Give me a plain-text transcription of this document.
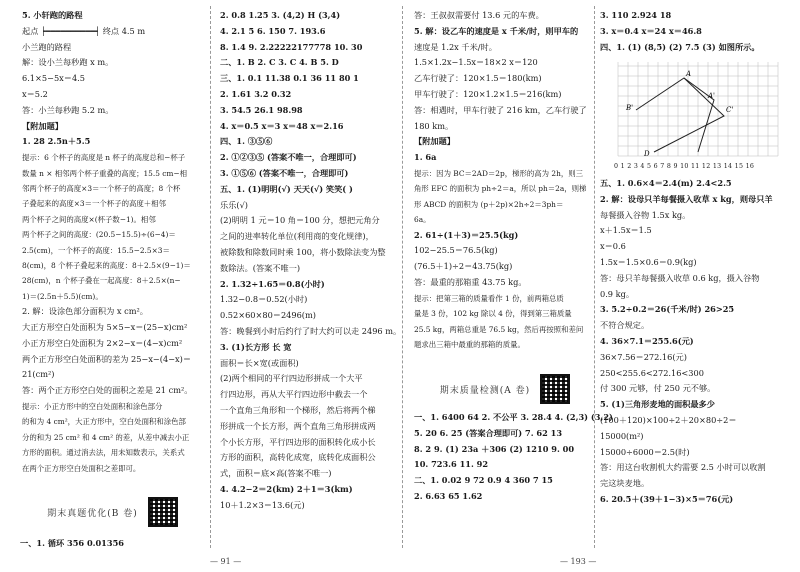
5. 小轩跑的路程
起点 ┝━━━━━━━━━━┥ 终点 4.5 m
小兰跑的路程
解：设小兰每秒跑 x m。
6.1×5−5x＝4.5
x＝5.2
答：小兰每秒跑 5.2 m。
【附加题】
1. 28 2.5n＋5.5
提示：6 个杯子的高度是 n 杯子的高度总和−杯子
数量 n × 相邻两个杯子重叠的高度；15.5 cm−相
邻两个杯子的高度×3＝一个杯子的高度；8 个杯
子叠起来的高度×3＝一个杯子的高度＋相邻
两个杯子之间的高度×(杯子数−1)。相邻
两个杯子之间的高度：(20.5−15.5)÷(6−4)＝
2.5(cm)，一个杯子的高度：15.5−2.5×3＝
8(cm)，8 个杯子叠起来的高度：8＋2.5×(9−1)＝
28(cm)，n 个杯子叠在一起高度：8＋2.5×(n−
1)＝(2.5n＋5.5)(cm)。
2. 解：设涂色部分面积为 x cm²。
大正方形空白处面积为 5×5−x＝(25−x)cm²
小正方形空白处面积为 2×2−x＝(4−x)cm²
两个正方形空白处面积的差为 25−x−(4−x)＝
21(cm²)
答：两个正方形空白处的面积之差是 21 cm²。
提示：小正方形中的空白处面积和涂色部分
的和为 4 cm²，大正方形中，空白处面积和涂色部
分的和为 25 cm² 和 4 cm² 的差，从差中减去小正
方形的面积。通过消去法，用未知数表示，关系式
在两个正方形空白处面积之差即可。
期末真题优化(B 卷)
一、1. 循环 356 0.01356
2. 0.8 1.25 3. (4,2) H (3,4)
4. 2.1 5 6. 150 7. 193.6
8. 1.4 9. 2.22222177778 10. 30
二、1. B 2. C 3. C 4. B 5. D
三、1. 0.1 11.38 0.1 36 11 80 1
2. 1.61 3.2 0.32
3. 54.5 26.1 98.98
4. x＝0.5 x＝3 x＝48 x＝2.16
四、1. ③⑤⑥
2. ①②③⑤ (答案不唯一，合理即可)
3. ①⑤⑥ (答案不唯一，合理即可)
五、1. (1)明明(√) 天天(√) 笑笑( )
乐乐(√)
(2)明明 1 元＝10 角＝100 分，想把元角分
之间的进率转化单位(利用商的变化规律)，
被除数和除数同时乘 100，将小数除法变为整
数除法。(答案不唯一)
2. 1.32÷1.65＝0.8(小时)
1.32−0.8＝0.52(小时)
0.52×60×80＝2496(m)
答：晚餐到小时后约行了时大约可以走 2496 m。
3. (1)长方形 长 宽
面积＝长×宽(或面积)
(2)两个相同的平行四边形拼成一个大平
行四边形，再从大平行四边形中截去一个
一个直角三角形和一个梯形，然后将两个梯
形拼成一个长方形，两个直角三角形拼成两
个小长方形，平行四边形的面积转化成小长
方形的面积，高转化成宽，底转化成面积公
式，面积＝底×高(答案不唯一)
4. 4.2−2＝2(km) 2＋1＝3(km)
10＋1.2×3＝13.6(元)
— 91 —
答：王叔叔需要付 13.6 元的车费。
5. 解：设乙车的速度是 x 千米/时，则甲车的
速度是 1.2x 千米/时。
1.5×1.2x−1.5x＝18×2 x＝120
乙车行驶了：120×1.5＝180(km)
甲车行驶了：120×1.2×1.5＝216(km)
答：相遇时，甲车行驶了 216 km，乙车行驶了
180 km。
【附加题】
1. 6a
提示：因为 BC＝2AD＝2p，梯形的高为 2h，则三
角形 EFC 的面积为 ph÷2＝a，所以 ph＝2a，则梯
形 ABCD 的面积为 (p＋2p)×2h÷2＝3ph＝
6a。
2. 61÷(1＋3)＝25.5(kg)
102−25.5＝76.5(kg)
(76.5＋1)÷2＝43.75(kg)
答：最重的那箱重 43.75 kg。
提示：把第三箱的质量看作 1 份，前两箱总质
量是 3 份，102 kg 除以 4 份，得到第三箱质量
25.5 kg，两箱总重是 76.5 kg，然后再按照和差问
题求出三箱中最重的那箱的质量。
期末质量检测(A 卷)
一、1. 6400 64 2. 不公平 3. 28.4 4. (2,3) (3,2)
5. 20 6. 25 (答案合理即可) 7. 62 13
8. 2 9. (1) 23a ＋306 (2) 1210 9. 00
10. 723.6 11. 92
二、1. 0.02 9 72 0.9 4 360 7 15
2. 6.63 65 1.62
— 193 —
3. 110 2.924 18
3. x＝0.4 x＝24 x＝46.8
四、1. (1) (8,5) (2) 7.5 (3) 如图所示。
A
B'	C'
D
A'
0 1 2 3 4 5 6 7 8 9 10 11 12 13 14 15 16
五、1. 0.6×4＝2.4(m) 2.4<2.5
2. 解：设母只羊每餐摄入收草 x kg，则母只羊
每餐摄入谷物 1.5x kg。
x＋1.5x＝1.5
x＝0.6
1.5x＝1.5×0.6＝0.9(kg)
答：母只羊每餐摄入收草 0.6 kg，摄入谷物
0.9 kg。
3. 5.2÷0.2＝26(千米/时) 26>25
不符合规定。
4. 36×7.1＝255.6(元)
36×7.56＝272.16(元)
250<255.6<272.16<300
付 300 元够，付 250 元不够。
5. (1)三角形麦地的面积最多少
(100＋120)×100÷2＋20×80÷2＝
15000(m²)
15000÷6000＝2.5(时)
答：用这台收割机大约需要 2.5 小时可以收割
完这块麦地。
6. 20.5＋(39＋1−3)×5＝76(元)
